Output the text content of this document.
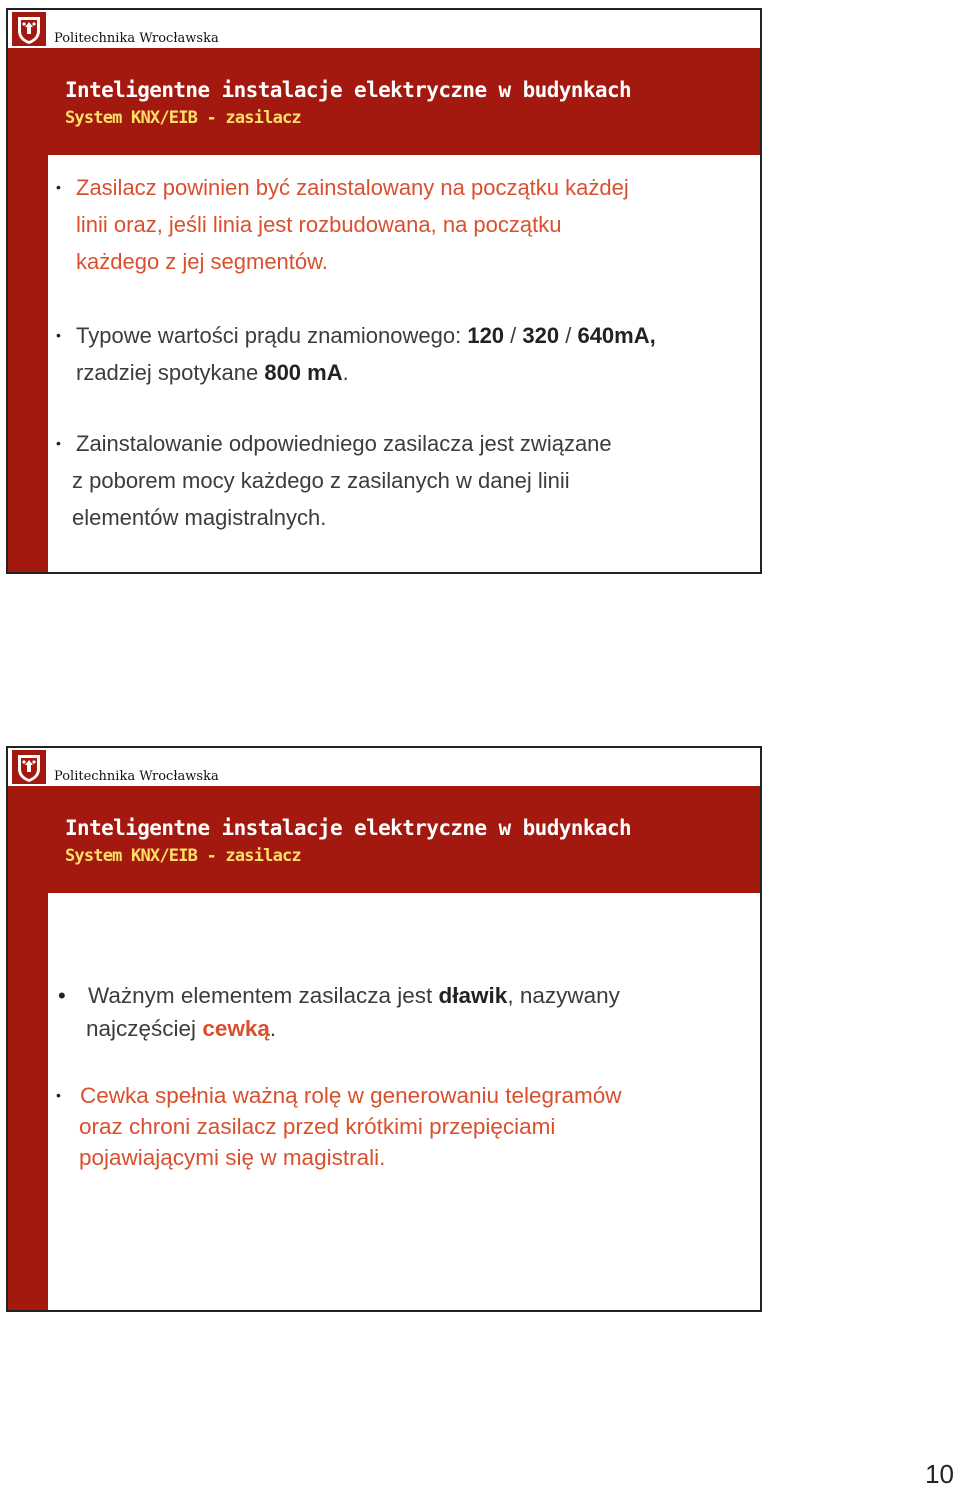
Politechnika Wrocławska
Inteligentne instalacje elektryczne w budynkach
System KNX/EIB - zasilacz
• Zasilacz powinien być zainstalowany na początku każdej
linii oraz, jeśli linia jest rozbudowana, na początku
każdego z jej segmentów.
• Typowe wartości prądu znamionowego: 120 / 320 / 640mA,
rzadziej spotykane 800 mA.
• Zainstalowanie odpowiedniego zasilacza jest związane
z poborem mocy każdego z zasilanych w danej linii
elementów magistralnych.
Politechnika Wrocławska
Inteligentne instalacje elektryczne w budynkach
System KNX/EIB - zasilacz
• Ważnym elementem zasilacza jest dławik, nazywany
najczęściej cewką.
• Cewka spełnia ważną rolę w generowaniu telegramów
oraz chroni zasilacz przed krótkimi przepięciami
pojawiającymi się w magistrali.
10
